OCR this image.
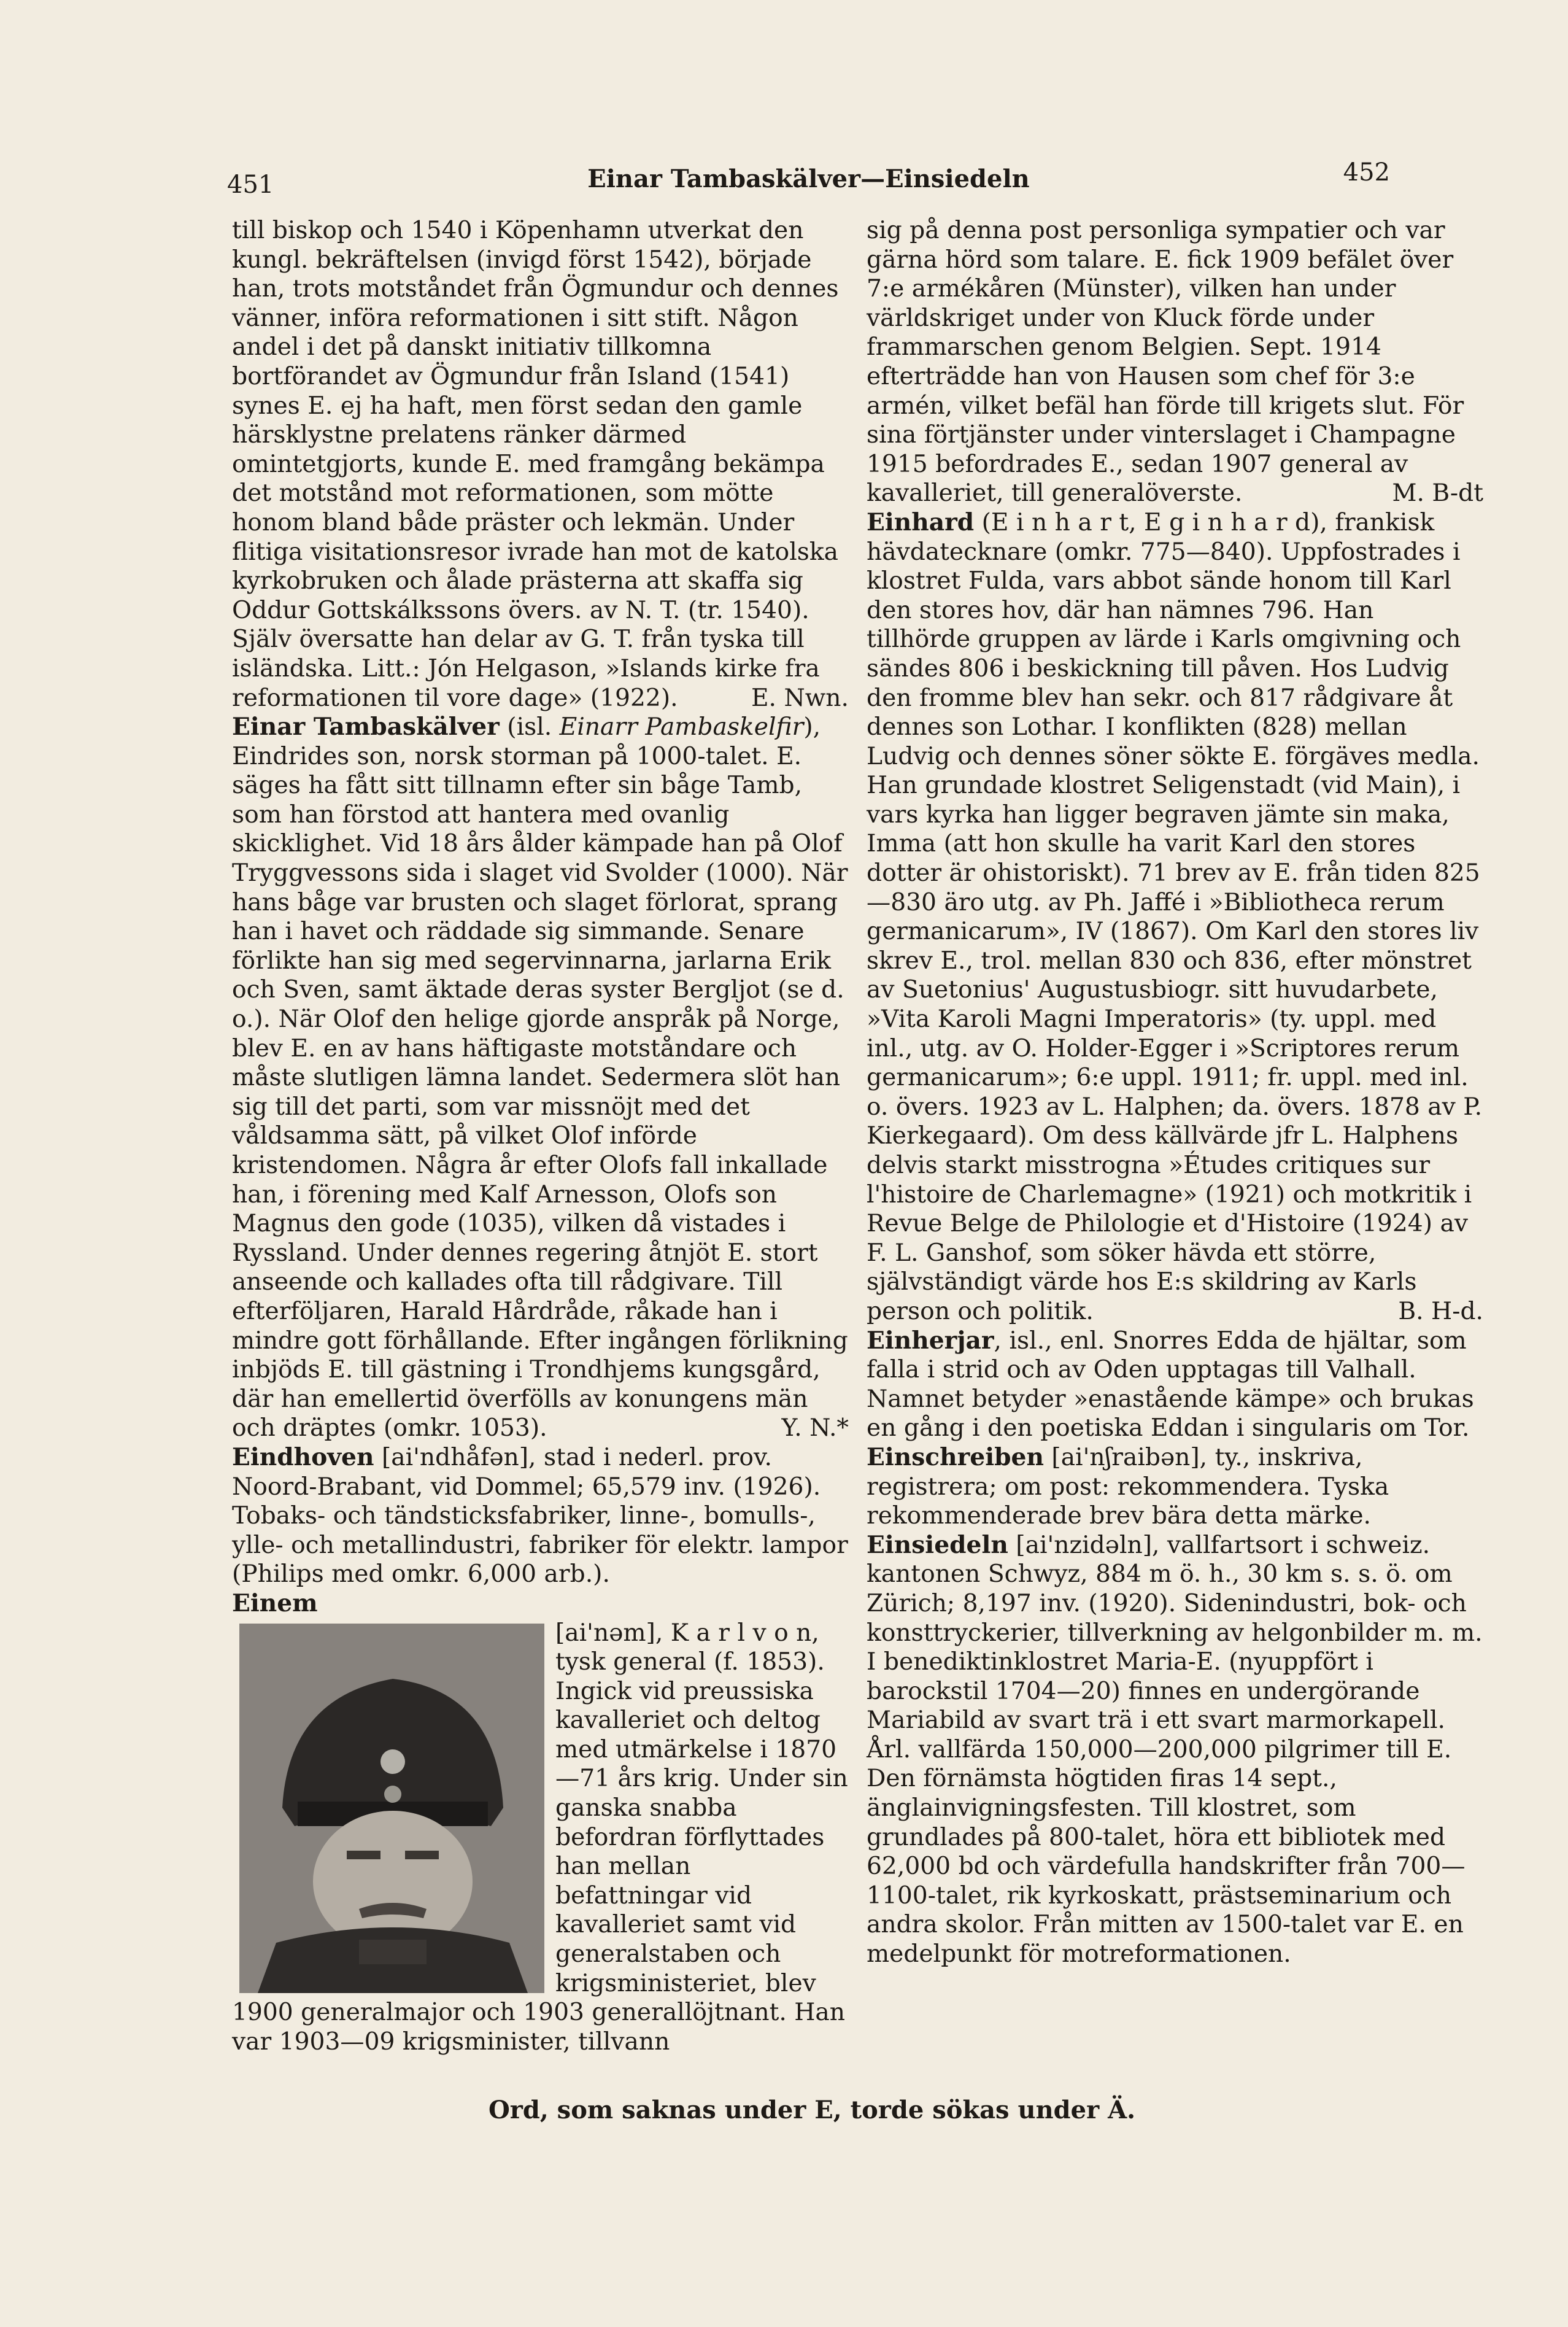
451	Einar Tambaskälver—Einsiedeln	452

till biskop och 1540 i Köpenhamn utverkat den kungl. bekräftelsen (invigd först 1542), började han, trots motståndet från Ögmundur och dennes vänner, införa reformationen i sitt stift. Någon andel i det på danskt initiativ tillkomna bortförandet av Ögmundur från Island (1541) synes E. ej ha haft, men först sedan den gamle härsklystne prelatens ränker därmed omintetgjorts, kunde E. med framgång bekämpa det motstånd mot reformationen, som mötte honom bland både präster och lekmän. Under flitiga visitationsresor ivrade han mot de katolska kyrkobruken och ålade prästerna att skaffa sig Oddur Gottskálkssons övers. av N. T. (tr. 1540). Själv översatte han delar av G. T. från tyska till isländska. Litt.: Jón Helgason, »Islands kirke fra reformationen til vore dage» (1922).	E. Nwn.

Einar Tambaskälver (isl. Einarr Pambaskelfir), Eindrides son, norsk storman på 1000-talet. E. säges ha fått sitt tillnamn efter sin båge Tamb, som han förstod att hantera med ovanlig skicklighet. Vid 18 års ålder kämpade han på Olof Tryggvessons sida i slaget vid Svolder (1000). När hans båge var brusten och slaget förlorat, sprang han i havet och räddade sig simmande. Senare förlikte han sig med segervinnarna, jarlarna Erik och Sven, samt äktade deras syster Bergljot (se d. o.). När Olof den helige gjorde anspråk på Norge, blev E. en av hans häftigaste motståndare och måste slutligen lämna landet. Sedermera slöt han sig till det parti, som var missnöjt med det våldsamma sätt, på vilket Olof införde kristendomen. Några år efter Olofs fall inkallade han, i förening med Kalf Arnesson, Olofs son Magnus den gode (1035), vilken då vistades i Ryssland. Under dennes regering åtnjöt E. stort anseende och kallades ofta till rådgivare. Till efterföljaren, Harald Hårdråde, råkade han i mindre gott förhållande. Efter ingången förlikning inbjöds E. till gästning i Trondhjems kungsgård, där han emellertid överfölls av konungens män och dräptes (omkr. 1053).	Y. N.*

Eindhoven [ai'ndhåfən], stad i nederl. prov. Noord-Brabant, vid Dommel; 65,579 inv. (1926). Tobaks- och tändsticksfabriker, linne-, bomulls-, ylle- och metallindustri, fabriker för elektr. lampor (Philips med omkr. 6,000 arb.).

Einem

[ai'nəm], K a r l v o n, tysk general (f. 1853). Ingick vid preussiska kavalleriet och deltog med utmärkelse i 1870—71 års krig. Under sin ganska snabba befordran förflyttades han mellan befattningar vid kavalleriet samt vid generalstaben och krigsministeriet, blev 1900 generalmajor och 1903 generallöjtnant. Han var 1903—09 krigsminister, tillvann

sig på denna post personliga sympatier och var gärna hörd som talare. E. fick 1909 befälet över 7:e armékåren (Münster), vilken han under världskriget under von Kluck förde under frammarschen genom Belgien. Sept. 1914 efterträdde han von Hausen som chef för 3:e armén, vilket befäl han förde till krigets slut. För sina förtjänster under vinterslaget i Champagne 1915 befordrades E., sedan 1907 general av kavalleriet, till generalöverste.	M. B-dt

Einhard (E i n h a r t, E g i n h a r d), frankisk hävdatecknare (omkr. 775—840). Uppfostrades i klostret Fulda, vars abbot sände honom till Karl den stores hov, där han nämnes 796. Han tillhörde gruppen av lärde i Karls omgivning och sändes 806 i beskickning till påven. Hos Ludvig den fromme blev han sekr. och 817 rådgivare åt dennes son Lothar. I konflikten (828) mellan Ludvig och dennes söner sökte E. förgäves medla. Han grundade klostret Seligenstadt (vid Main), i vars kyrka han ligger begraven jämte sin maka, Imma (att hon skulle ha varit Karl den stores dotter är ohistoriskt). 71 brev av E. från tiden 825—830 äro utg. av Ph. Jaffé i »Bibliotheca rerum germanicarum», IV (1867). Om Karl den stores liv skrev E., trol. mellan 830 och 836, efter mönstret av Suetonius' Augustusbiogr. sitt huvudarbete, »Vita Karoli Magni Imperatoris» (ty. uppl. med inl., utg. av O. Holder-Egger i »Scriptores rerum germanicarum»; 6:e uppl. 1911; fr. uppl. med inl. o. övers. 1923 av L. Halphen; da. övers. 1878 av P. Kierkegaard). Om dess källvärde jfr L. Halphens delvis starkt misstrogna »Études critiques sur l'histoire de Charlemagne» (1921) och motkritik i Revue Belge de Philologie et d'Histoire (1924) av F. L. Ganshof, som söker hävda ett större, självständigt värde hos E:s skildring av Karls person och politik.	B. H-d.

Einherjar, isl., enl. Snorres Edda de hjältar, som falla i strid och av Oden upptagas till Valhall. Namnet betyder »enastående kämpe» och brukas en gång i den poetiska Eddan i singularis om Tor.

Einschreiben [ai'nʃraibən], ty., inskriva, registrera; om post: rekommendera. Tyska rekommenderade brev bära detta märke.

Einsiedeln [ai'nzidəln], vallfartsort i schweiz. kantonen Schwyz, 884 m ö. h., 30 km s. s. ö. om Zürich; 8,197 inv. (1920). Sidenindustri, bok- och konsttryckerier, tillverkning av helgonbilder m. m. I benediktinklostret Maria-E. (nyuppfört i barockstil 1704—20) finnes en undergörande Mariabild av svart trä i ett svart marmorkapell. Årl. vallfärda 150,000—200,000 pilgrimer till E. Den förnämsta högtiden firas 14 sept., änglainvigningsfesten. Till klostret, som grundlades på 800-talet, höra ett bibliotek med 62,000 bd och värdefulla handskrifter från 700—1100-talet, rik kyrkoskatt, prästseminarium och andra skolor. Från mitten av 1500-talet var E. en medelpunkt för motreformationen.

Ord, som saknas under E, torde sökas under Ä.
